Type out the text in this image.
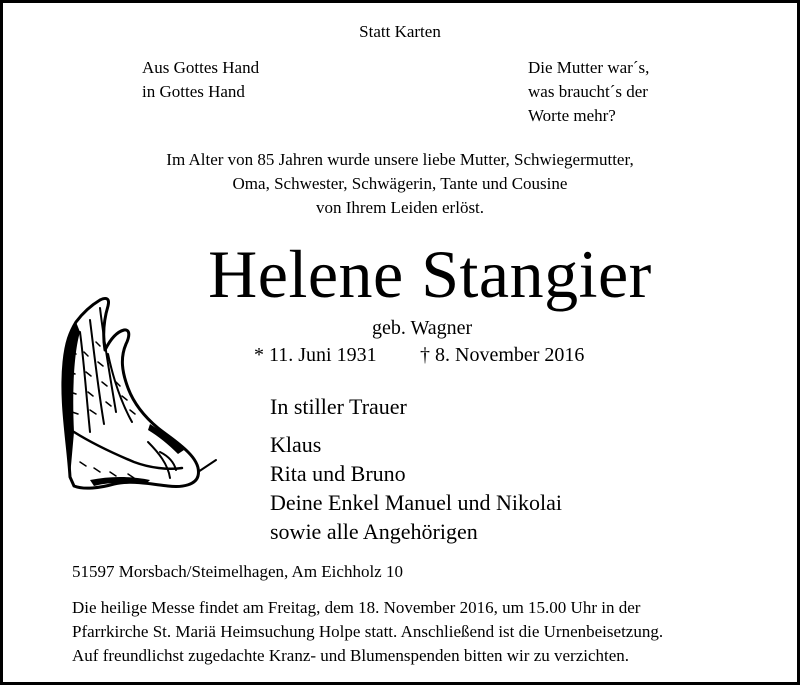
Statt Karten
Aus Gottes Hand
in Gottes Hand
Die Mutter war´s,
was braucht´s der
Worte mehr?
Im Alter von 85 Jahren wurde unsere liebe Mutter, Schwiegermutter,
Oma, Schwester, Schwägerin, Tante und Cousine
von Ihrem Leiden erlöst.
Helene Stangier
geb. Wagner
* 11. Juni 1931 † 8. November 2016
In stiller Trauer
Klaus
Rita und Bruno
Deine Enkel Manuel und Nikolai
sowie alle Angehörigen
51597 Morsbach/Steimelhagen, Am Eichholz 10
Die heilige Messe findet am Freitag, dem 18. November 2016, um 15.00 Uhr in der
Pfarrkirche St. Mariä Heimsuchung Holpe statt. Anschließend ist die Urnenbeisetzung.
Auf freundlichst zugedachte Kranz- und Blumenspenden bitten wir zu verzichten.
